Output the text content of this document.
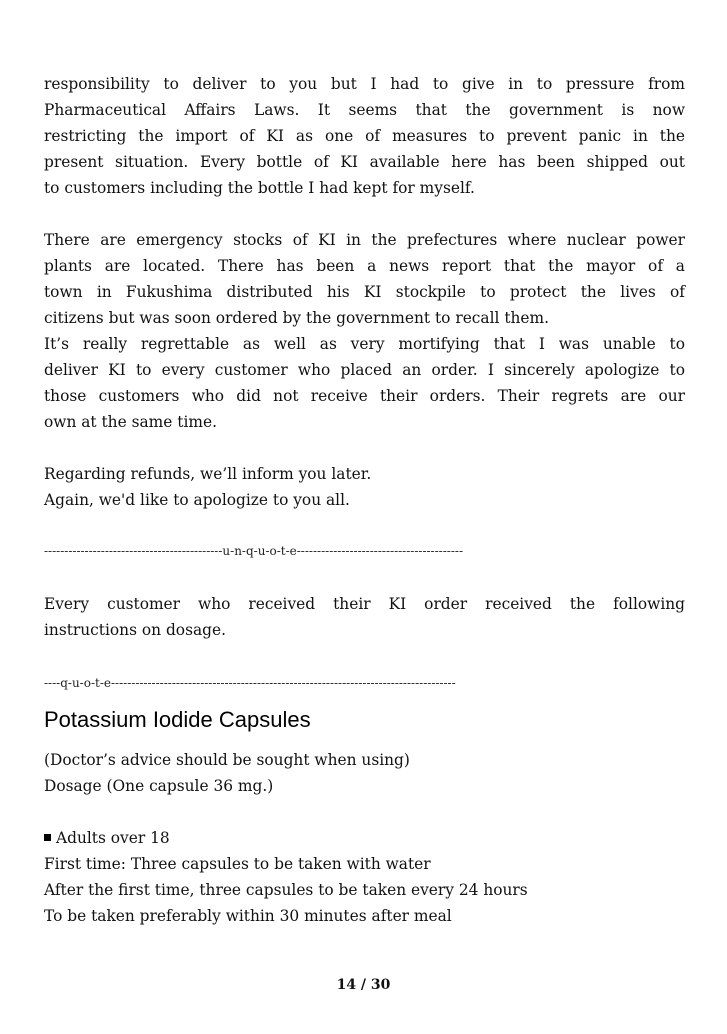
responsibility to deliver to you but I had to give in to pressure from
Pharmaceutical Affairs Laws. It seems that the government is now
restricting the import of KI as one of measures to prevent panic in the
present situation. Every bottle of KI available here has been shipped out
to customers including the bottle I had kept for myself.
There are emergency stocks of KI in the prefectures where nuclear power
plants are located. There has been a news report that the mayor of a
town in Fukushima distributed his KI stockpile to protect the lives of
citizens but was soon ordered by the government to recall them.
It’s really regrettable as well as very mortifying that I was unable to
deliver KI to every customer who placed an order. I sincerely apologize to
those customers who did not receive their orders. Their regrets are our
own at the same time.
Regarding refunds, we’ll inform you later.
Again, we'd like to apologize to you all.
--------------------------------------------u-n-q-u-o-t-e-----------------------------------------
Every customer who received their KI order received the following
instructions on dosage.
----q-u-o-t-e-------------------------------------------------------------------------------------
Potassium Iodide Capsules
(Doctor’s advice should be sought when using)
Dosage (One capsule 36 mg.)
Adults over 18
First time: Three capsules to be taken with water
After the first time, three capsules to be taken every 24 hours
To be taken preferably within 30 minutes after meal
14 / 30
